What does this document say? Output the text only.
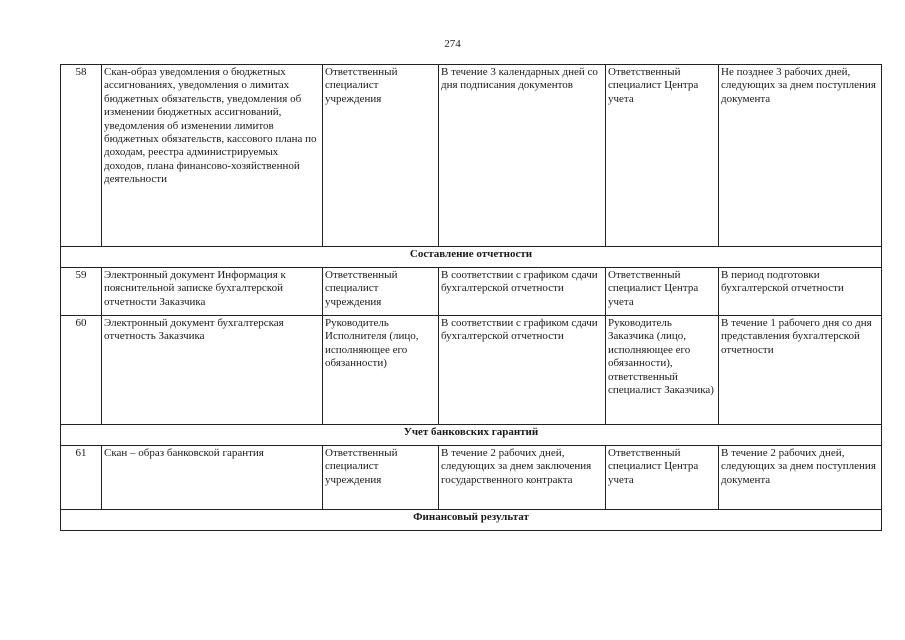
274
58	Скан-образ уведомления о бюджетных ассигнованиях, уведомления о лимитах бюджетных обязательств, уведомления об изменении бюджетных ассигнований, уведомления об изменении лимитов бюджетных обязательств, кассового плана по доходам, реестра администрируемых доходов, плана финансово-хозяйственной деятельности	Ответственный специалист учреждения	В течение 3 календарных дней со дня подписания документов	Ответственный специалист Центра учета	Не позднее 3 рабочих дней, следующих за днем поступления документа
Составление отчетности					
59	Электронный документ Информация к пояснительной записке бухгалтерской отчетности Заказчика	Ответственный специалист учреждения	В соответствии с графиком сдачи бухгалтерской отчетности	Ответственный специалист Центра учета	В период подготовки бухгалтерской отчетности
60	Электронный документ бухгалтерская отчетность Заказчика	Руководитель Исполнителя (лицо, исполняющее его обязанности)	В соответствии с графиком сдачи бухгалтерской отчетности	Руководитель Заказчика (лицо, исполняющее его обязанности), ответственный специалист Заказчика)	В течение 1 рабочего дня со дня представления бухгалтерской отчетности
Учет банковских гарантий					
61	Скан – образ банковской гарантия	Ответственный специалист учреждения	В течение 2 рабочих дней, следующих за днем заключения государственного контракта	Ответственный специалист Центра учета	В течение 2 рабочих дней, следующих за днем поступления документа
Финансовый результат					
